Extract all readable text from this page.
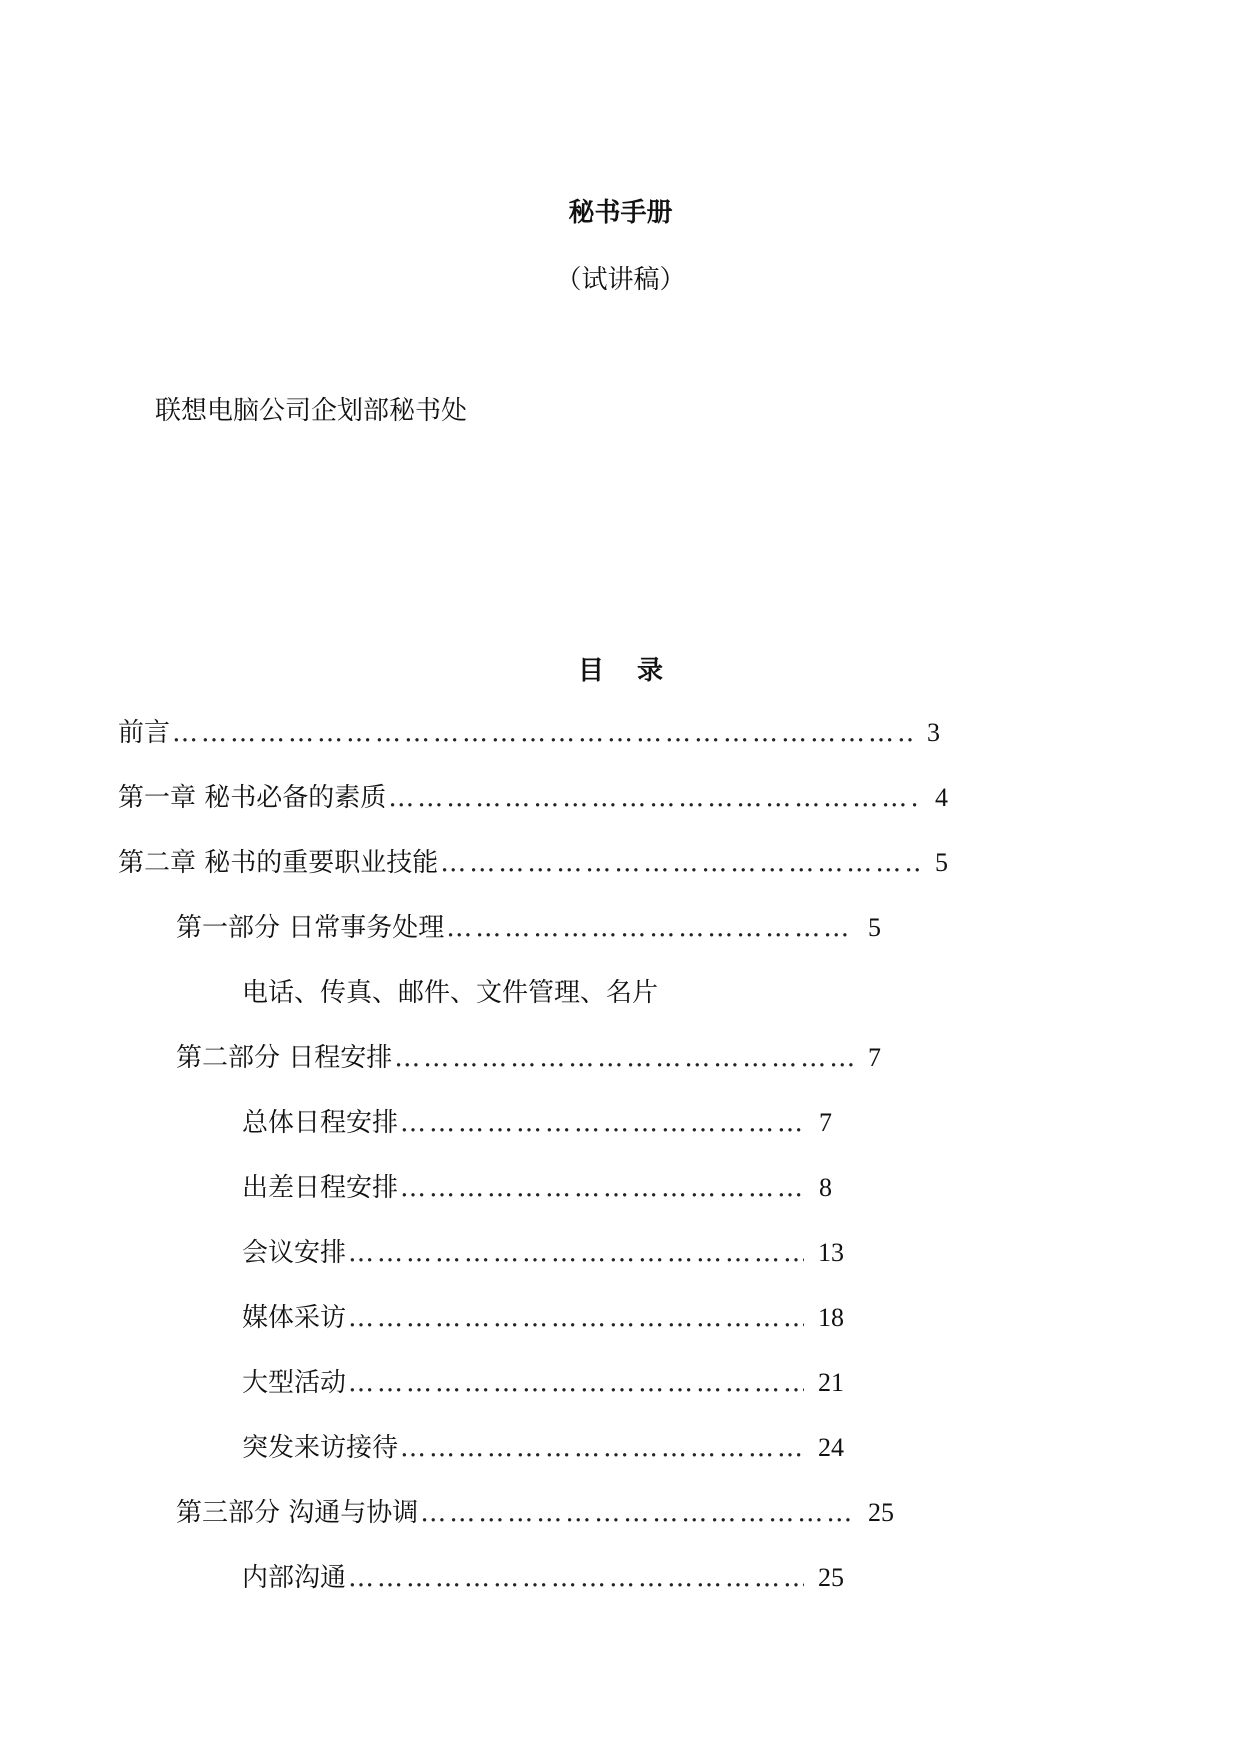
秘书手册
（试讲稿）
联想电脑公司企划部秘书处
目 录
前言 ………………………………………………………………………………………………………………	3
第一章 秘书必备的素质 ………………………………………………………………………………………………………………	4
第二章 秘书的重要职业技能 ………………………………………………………………………………………………………………	5
第一部分 日常事务处理 ………………………………………………………………………………………………………………	5
电话、传真、邮件、文件管理、名片
第二部分 日程安排 ………………………………………………………………………………………………………………	7
总体日程安排 ………………………………………………………………………………………………………………	7
出差日程安排 ………………………………………………………………………………………………………………	8
会议安排 ………………………………………………………………………………………………………………	13
媒体采访 ………………………………………………………………………………………………………………	18
大型活动 ………………………………………………………………………………………………………………	21
突发来访接待 ………………………………………………………………………………………………………………	24
第三部分 沟通与协调 ………………………………………………………………………………………………………………	25
内部沟通 ………………………………………………………………………………………………………………	25
